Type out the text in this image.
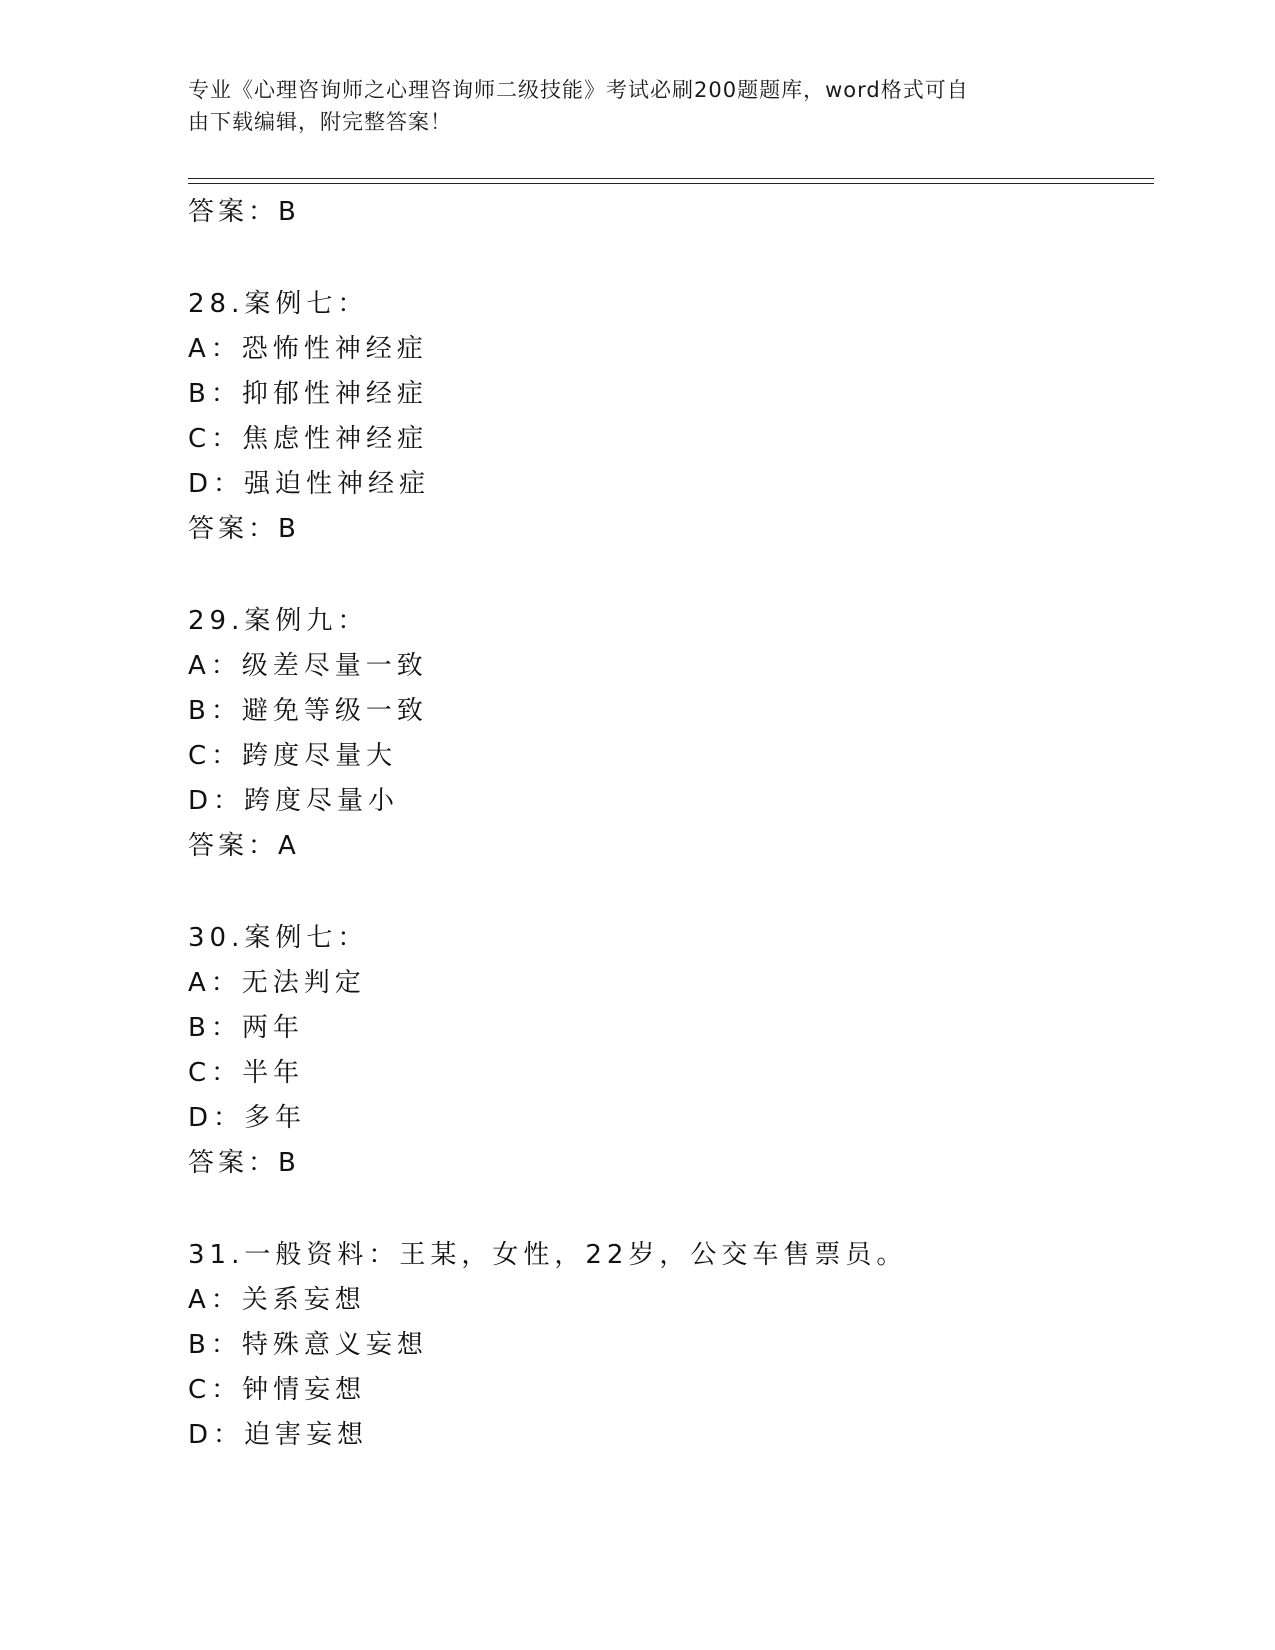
专业《心理咨询师之心理咨询师二级技能》考试必刷200题题库，word格式可自
由下载编辑，附完整答案！
答案：B
28.案例七：
A：恐怖性神经症
B：抑郁性神经症
C：焦虑性神经症
D：强迫性神经症
答案：B
29.案例九：
A：级差尽量一致
B：避免等级一致
C：跨度尽量大
D：跨度尽量小
答案：A
30.案例七：
A：无法判定
B：两年
C：半年
D：多年
答案：B
31.一般资料：王某，女性，22岁，公交车售票员。
A：关系妄想
B：特殊意义妄想
C：钟情妄想
D：迫害妄想
